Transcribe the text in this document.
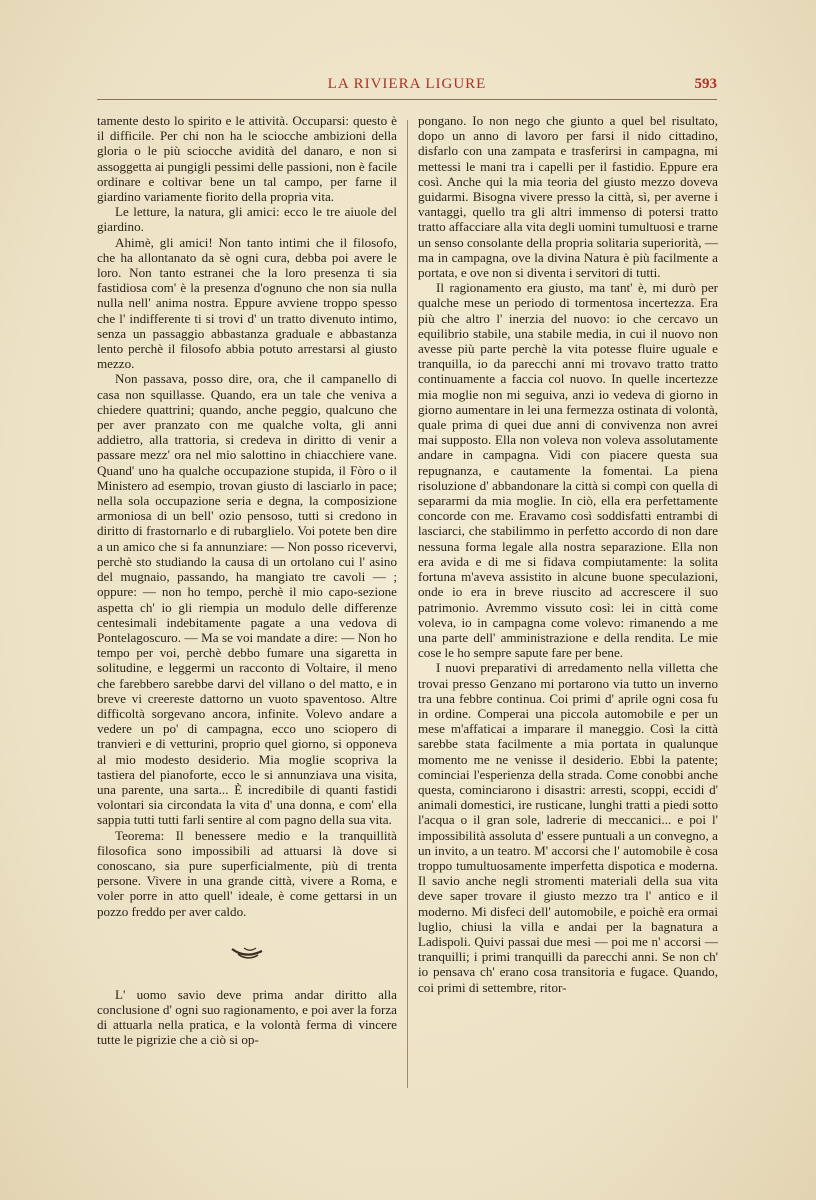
LA RIVIERA LIGURE	593

tamente desto lo spirito e le attività. Occuparsi: questo è il difficile. Per chi non ha le sciocche ambizioni della gloria o le più sciocche avidità del danaro, e non si assoggetta ai pungigli pessimi delle passioni, non è facile ordinare e coltivar bene un tal campo, per farne il giardino variamente fiorito della propria vita.

Le letture, la natura, gli amici: ecco le tre aiuole del giardino.

Ahimè, gli amici! Non tanto intimi che il filosofo, che ha allontanato da sè ogni cura, debba poi avere le loro. Non tanto estranei che la loro presenza ti sia fastidiosa com' è la presenza d'ognuno che non sia nulla nulla nell' anima nostra. Eppure avviene troppo spesso che l' indifferente ti si trovi d' un tratto divenuto intimo, senza un passaggio abbastanza graduale e abbastanza lento perchè il filosofo abbia potuto arrestarsi al giusto mezzo.

Non passava, posso dire, ora, che il campanello di casa non squillasse. Quando, era un tale che veniva a chiedere quattrini; quando, anche peggio, qualcuno che per aver pranzato con me qualche volta, gli anni addietro, alla trattoria, si credeva in diritto di venir a passare mezz' ora nel mio salottino in chiacchiere vane. Quand' uno ha qualche occupazione stupida, il Fòro o il Ministero ad esempio, trovan giusto di lasciarlo in pace; nella sola occupazione seria e degna, la composizione armoniosa di un bell' ozio pensoso, tutti si credono in diritto di frastornarlo e di rubarglielo. Voi potete ben dire a un amico che si fa annunziare: — Non posso ricevervi, perchè sto studiando la causa di un ortolano cui l' asino del mugnaio, passando, ha mangiato tre cavoli — ; oppure: — non ho tempo, perchè il mio capo-sezione aspetta ch' io gli riempia un modulo delle differenze centesimali indebitamente pagate a una vedova di Pontelagoscuro. — Ma se voi mandate a dire: — Non ho tempo per voi, perchè debbo fumare una sigaretta in solitudine, e leggermi un racconto di Voltaire, il meno che farebbero sarebbe darvi del villano o del matto, e in breve vi creereste dattorno un vuoto spaventoso. Altre difficoltà sorgevano ancora, infinite. Volevo andare a vedere un po' di campagna, ecco uno sciopero di tranvieri e di vetturini, proprio quel giorno, si opponeva al mio modesto desiderio. Mia moglie scopriva la tastiera del pianoforte, ecco le si annunziava una visita, una parente, una sarta... È incredibile di quanti fastidi volontari sia circondata la vita d' una donna, e com' ella sappia tutti tutti farli sentire al com pagno della sua vita.

Teorema: Il benessere medio e la tranquillità filosofica sono impossibili ad attuarsi là dove si conoscano, sia pure superficialmente, più di trenta persone. Vivere in una grande città, vivere a Roma, e voler porre in atto quell' ideale, è come gettarsi in un pozzo freddo per aver caldo.

L' uomo savio deve prima andar diritto alla conclusione d' ogni suo ragionamento, e poi aver la forza di attuarla nella pratica, e la volontà ferma di vincere tutte le pigrizie che a ciò si op-

pongano. Io non nego che giunto a quel bel risultato, dopo un anno di lavoro per farsi il nido cittadino, disfarlo con una zampata e trasferirsi in campagna, mi mettessi le mani tra i capelli per il fastidio. Eppure era così. Anche qui la mia teoria del giusto mezzo doveva guidarmi. Bisogna vivere presso la città, sì, per averne i vantaggi, quello tra gli altri immenso di potersi tratto tratto affacciare alla vita degli uomini tumultuosi e trarne un senso consolante della propria solitaria superiorità, — ma in campagna, ove la divina Natura è più facilmente a portata, e ove non si diventa i servitori di tutti.

Il ragionamento era giusto, ma tant' è, mi durò per qualche mese un periodo di tormentosa incertezza. Era più che altro l' inerzia del nuovo: io che cercavo un equilibrio stabile, una stabile media, in cui il nuovo non avesse più parte perchè la vita potesse fluire uguale e tranquilla, io da parecchi anni mi trovavo tratto tratto continuamente a faccia col nuovo. In quelle incertezze mia moglie non mi seguiva, anzi io vedeva di giorno in giorno aumentare in lei una fermezza ostinata di volontà, quale prima di quei due anni di convivenza non avrei mai supposto. Ella non voleva non voleva assolutamente andare in campagna. Vidi con piacere questa sua repugnanza, e cautamente la fomentai. La piena risoluzione d' abbandonare la città si compì con quella di separarmi da mia moglie. In ciò, ella era perfettamente concorde con me. Eravamo così soddisfatti entrambi di lasciarci, che stabilimmo in perfetto accordo di non dare nessuna forma legale alla nostra separazione. Ella non era avida e di me si fidava compiutamente: la solita fortuna m'aveva assistito in alcune buone speculazioni, onde io era in breve riuscito ad accrescere il suo patrimonio. Avremmo vissuto così: lei in città come voleva, io in campagna come volevo: rimanendo a me una parte dell' amministrazione e della rendita. Le mie cose le ho sempre sapute fare per bene.

I nuovi preparativi di arredamento nella villetta che trovai presso Genzano mi portarono via tutto un inverno tra una febbre continua. Coi primi d' aprile ogni cosa fu in ordine. Comperai una piccola automobile e per un mese m'affaticai a imparare il maneggio. Così la città sarebbe stata facilmente a mia portata in qualunque momento me ne venisse il desiderio. Ebbi la patente; cominciai l'esperienza della strada. Come conobbi anche questa, cominciarono i disastri: arresti, scoppi, eccidi d' animali domestici, ire rusticane, lunghi tratti a piedi sotto l'acqua o il gran sole, ladrerie di meccanici... e poi l' impossibilità assoluta d' essere puntuali a un convegno, a un invito, a un teatro. M' accorsi che l' automobile è cosa troppo tumultuosamente imperfetta dispotica e moderna. Il savio anche negli stromenti materiali della sua vita deve saper trovare il giusto mezzo tra l' antico e il moderno. Mi disfeci dell' automobile, e poichè era ormai luglio, chiusi la villa e andai per la bagnatura a Ladispoli. Quivi passai due mesi — poi me n' accorsi — tranquilli; i primi tranquilli da parecchi anni. Se non ch' io pensava ch' erano cosa transitoria e fugace. Quando, coi primi di settembre, ritor-
